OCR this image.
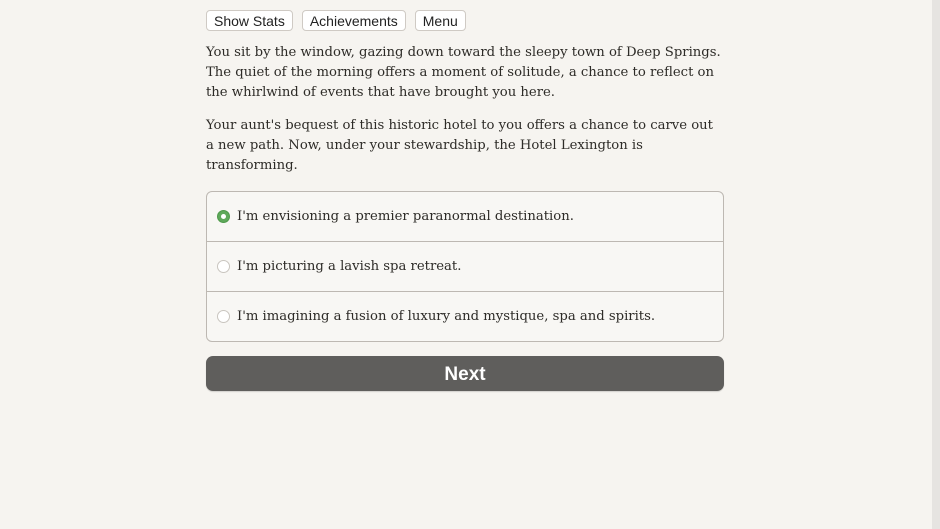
Show Stats	Achievements	Menu

You sit by the window, gazing down toward the sleepy town of Deep Springs. The quiet of the morning offers a moment of solitude, a chance to reflect on the whirlwind of events that have brought you here.

Your aunt's bequest of this historic hotel to you offers a chance to carve out a new path. Now, under your stewardship, the Hotel Lexington is transforming.

I'm envisioning a premier paranormal destination.
I'm picturing a lavish spa retreat.
I'm imagining a fusion of luxury and mystique, spa and spirits.
Next
